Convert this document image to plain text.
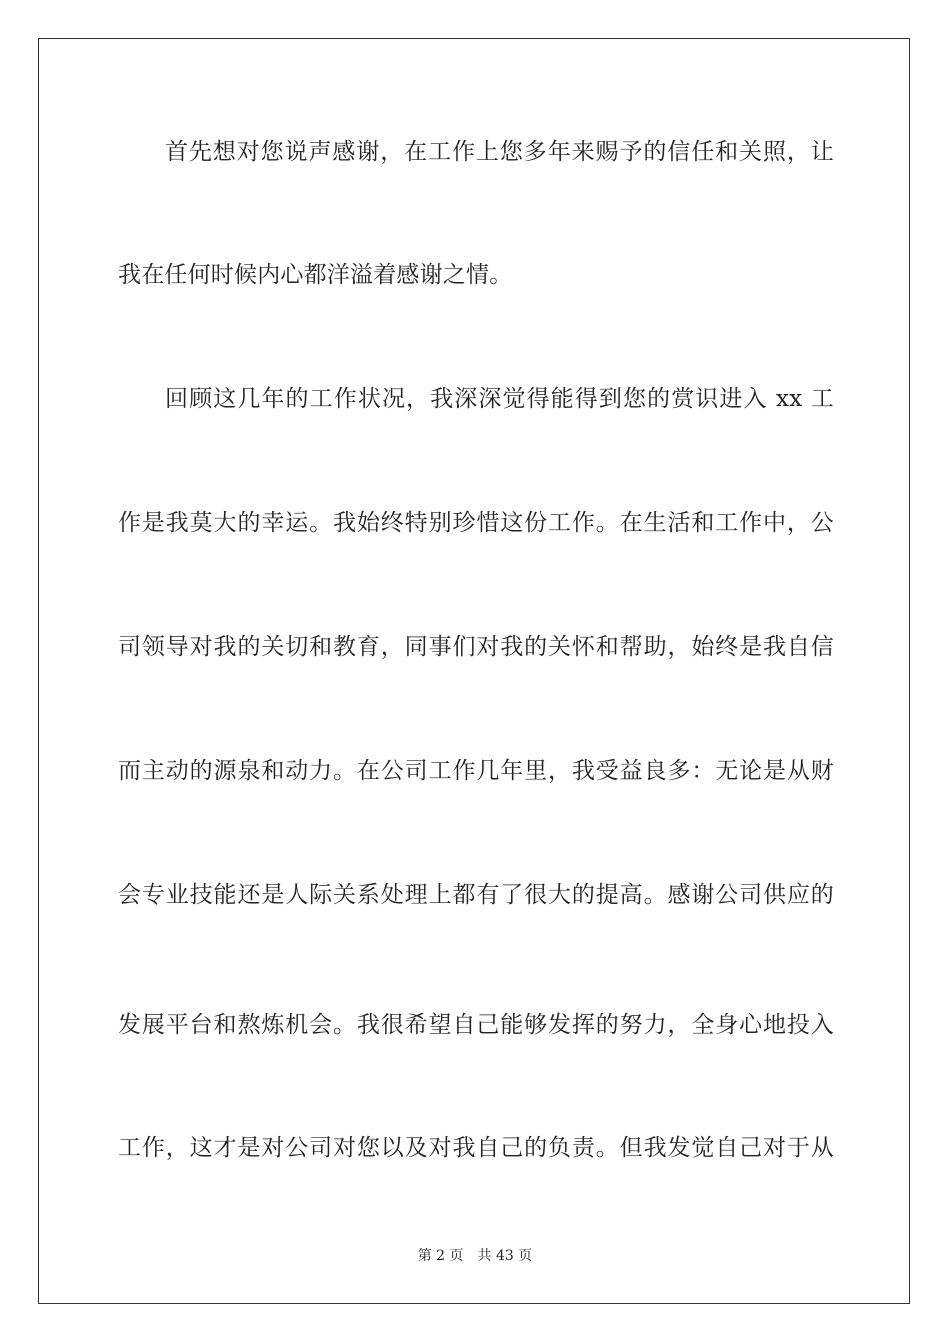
首先想对您说声感谢，在工作上您多年来赐予的信任和关照，让
我在任何时候内心都洋溢着感谢之情。
回顾这几年的工作状况，我深深觉得能得到您的赏识进入 xx 工
作是我莫大的幸运。我始终特别珍惜这份工作。在生活和工作中，公
司领导对我的关切和教育，同事们对我的关怀和帮助，始终是我自信
而主动的源泉和动力。在公司工作几年里，我受益良多：无论是从财
会专业技能还是人际关系处理上都有了很大的提高。感谢公司供应的
发展平台和熬炼机会。我很希望自己能够发挥的努力，全身心地投入
工作，这才是对公司对您以及对我自己的负责。但我发觉自己对于从
第 2 页 共 43 页
